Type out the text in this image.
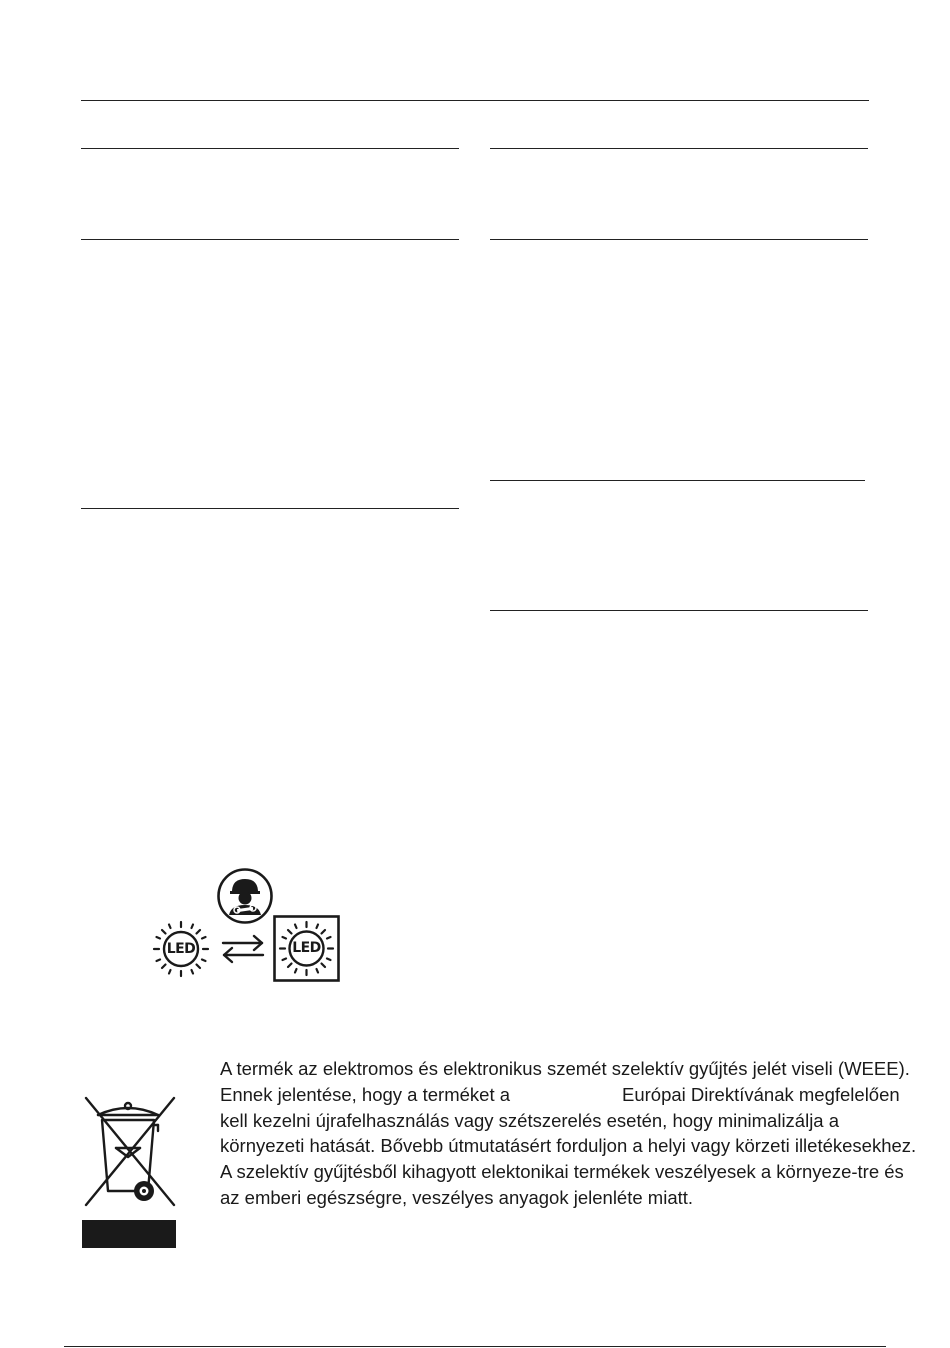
LED	LED

A termék az elektromos és elektronikus szemét szelektív gyűjtés jelét viseli (WEEE).

Ennek jelentése, hogy a terméket a	Európai Direktívának megfelelően kell kezelni újrafelhasználás vagy szétszerelés esetén, hogy minimalizálja a környezeti hatását. Bővebb útmutatásért forduljon a helyi vagy körzeti illetékesekhez.

A szelektív gyűjtésből kihagyott elektonikai termékek veszélyesek a környeze-tre és az emberi egészségre, veszélyes anyagok jelenléte miatt.
